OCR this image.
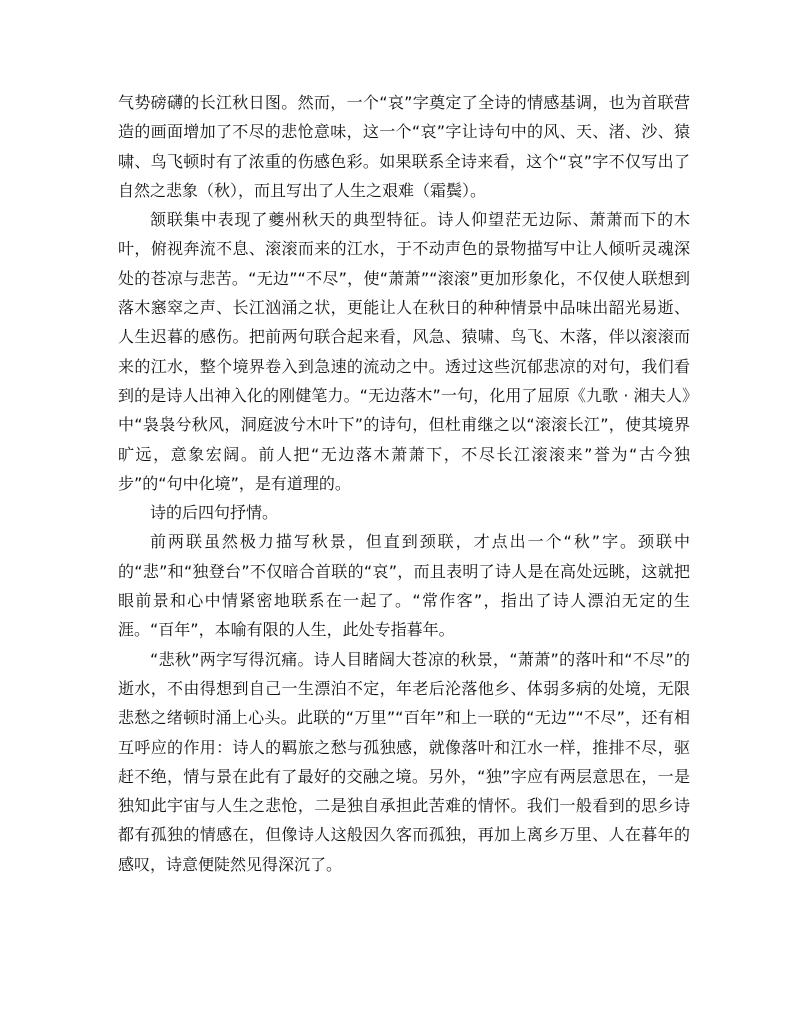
气势磅礴的长江秋日图。然而，一个“哀”字奠定了全诗的情感基调，也为首联营造的画面增加了不尽的悲怆意味，这一个“哀”字让诗句中的风、天、渚、沙、猿啸、鸟飞顿时有了浓重的伤感色彩。如果联系全诗来看，这个“哀”字不仅写出了自然之悲象（秋），而且写出了人生之艰难（霜鬓）。

颔联集中表现了夔州秋天的典型特征。诗人仰望茫无边际、萧萧而下的木叶，俯视奔流不息、滚滚而来的江水，于不动声色的景物描写中让人倾听灵魂深处的苍凉与悲苦。“无边”“不尽”，使“萧萧”“滚滚”更加形象化，不仅使人联想到落木窸窣之声、长江汹涌之状，更能让人在秋日的种种情景中品味出韶光易逝、人生迟暮的感伤。把前两句联合起来看，风急、猿啸、鸟飞、木落，伴以滚滚而来的江水，整个境界卷入到急速的流动之中。透过这些沉郁悲凉的对句，我们看到的是诗人出神入化的刚健笔力。“无边落木”一句，化用了屈原《九歌 · 湘夫人》中“袅袅兮秋风，洞庭波兮木叶下”的诗句，但杜甫继之以“滚滚长江”，使其境界旷远，意象宏阔。前人把“无边落木萧萧下，不尽长江滚滚来”誉为“古今独步”的“句中化境”，是有道理的。

诗的后四句抒情。

前两联虽然极力描写秋景，但直到颈联，才点出一个“秋”字。颈联中的“悲”和“独登台”不仅暗合首联的“哀”，而且表明了诗人是在高处远眺，这就把眼前景和心中情紧密地联系在一起了。“常作客”，指出了诗人漂泊无定的生涯。“百年”，本喻有限的人生，此处专指暮年。

“悲秋”两字写得沉痛。诗人目睹阔大苍凉的秋景，“萧萧”的落叶和“不尽”的逝水，不由得想到自己一生漂泊不定，年老后沦落他乡、体弱多病的处境，无限悲愁之绪顿时涌上心头。此联的“万里”“百年”和上一联的“无边”“不尽”，还有相互呼应的作用：诗人的羁旅之愁与孤独感，就像落叶和江水一样，推排不尽，驱赶不绝，情与景在此有了最好的交融之境。另外，“独”字应有两层意思在，一是独知此宇宙与人生之悲怆，二是独自承担此苦难的情怀。我们一般看到的思乡诗都有孤独的情感在，但像诗人这般因久客而孤独，再加上离乡万里、人在暮年的感叹，诗意便陡然见得深沉了。
